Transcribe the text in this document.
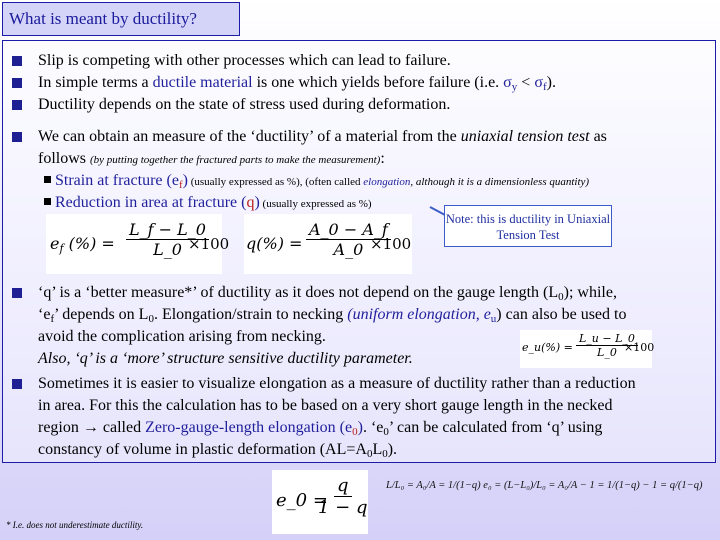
What is meant by ductility?
Slip is competing with other processes which can lead to failure.
In simple terms a ductile material is one which yields before failure (i.e. $\sigma_y < \sigma_f$).
Ductility depends on the state of stress used during deformation.
We can obtain an measure of the ‘ductility’ of a material from the uniaxial tension test as
follows (by putting together the fractured parts to make the measurement):
Strain at fracture $(e_f)$ (usually expressed as %), (often called elongation, although it is a dimensionless quantity)
Reduction in area at fracture (q) (usually expressed as %)
$e_f$ (%) = $\frac{L\_f - L\_0}{L\_0}$
×100 $q(\%) = \frac{A\_0 - A\_f}{A\_0}$
×100
Note: this is ductility in Uniaxial Tension Test
‘q’ is a ‘better measure*’ of ductility as it does not depend on the gauge length $(L_0)$; while,
‘$e_f$’ depends on $L_0$. Elongation/strain to necking (uniform elongation, $e_u$) can also be used to
avoid the complication arising from necking.
Also, ‘q’ is a ‘more’ structure sensitive ductility parameter.
e_u(%) = $\frac{L\_u - L\_0}{L\_0}$
×100
Sometimes it is easier to visualize elongation as a measure of ductility rather than a reduction
in area. For this the calculation has to be based on a very short gauge length in the necked
region → called Zero-gauge-length elongation $(e_0)$. ‘$e_0$’ can be calculated from ‘q’ using
constancy of volume in plastic deformation $(AL=A_0L_0)$.
e_0 =
$\frac{q}{1 - q} L/L_0 = A_0/A = 1/(1-q) e_0 = (L-L_0)/L_0 = A_0/A - 1 = 1/(1-q) - 1 = q/(1-q)$
* I.e. does not underestimate ductility.
